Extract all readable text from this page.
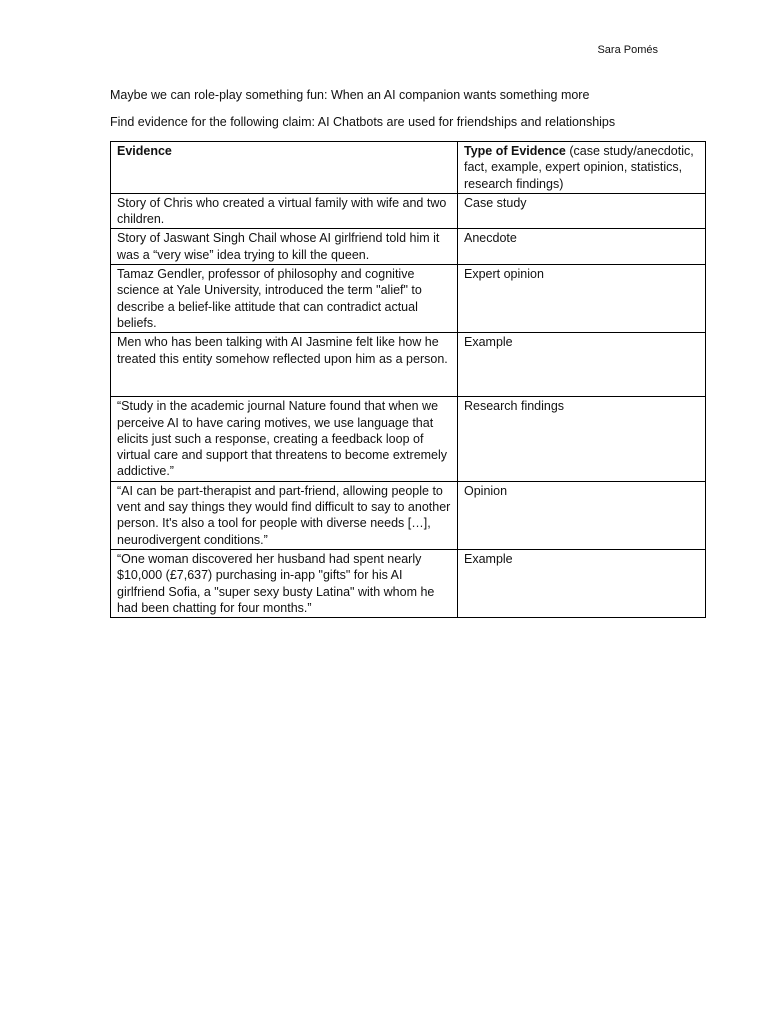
Sara Pomés
Maybe we can role-play something fun: When an AI companion wants something more
Find evidence for the following claim: AI Chatbots are used for friendships and relationships
Evidence	Type of Evidence (case study/anecdotic, fact, example, expert opinion, statistics, research findings)
Story of Chris who created a virtual family with wife and two children.	Case study
Story of Jaswant Singh Chail whose AI girlfriend told him it was a “very wise” idea trying to kill the queen.	Anecdote
Tamaz Gendler, professor of philosophy and cognitive science at Yale University, introduced the term "alief" to describe a belief-like attitude that can contradict actual beliefs.	Expert opinion
Men who has been talking with AI Jasmine felt like how he treated this entity somehow reflected upon him as a person.	Example
“Study in the academic journal Nature found that when we perceive AI to have caring motives, we use language that elicits just such a response, creating a feedback loop of virtual care and support that threatens to become extremely addictive.”	Research findings
“AI can be part-therapist and part-friend, allowing people to vent and say things they would find difficult to say to another person. It's also a tool for people with diverse needs […], neurodivergent conditions.”	Opinion
“One woman discovered her husband had spent nearly $10,000 (£7,637) purchasing in-app "gifts" for his AI girlfriend Sofia, a "super sexy busty Latina" with whom he had been chatting for four months.”	Example
